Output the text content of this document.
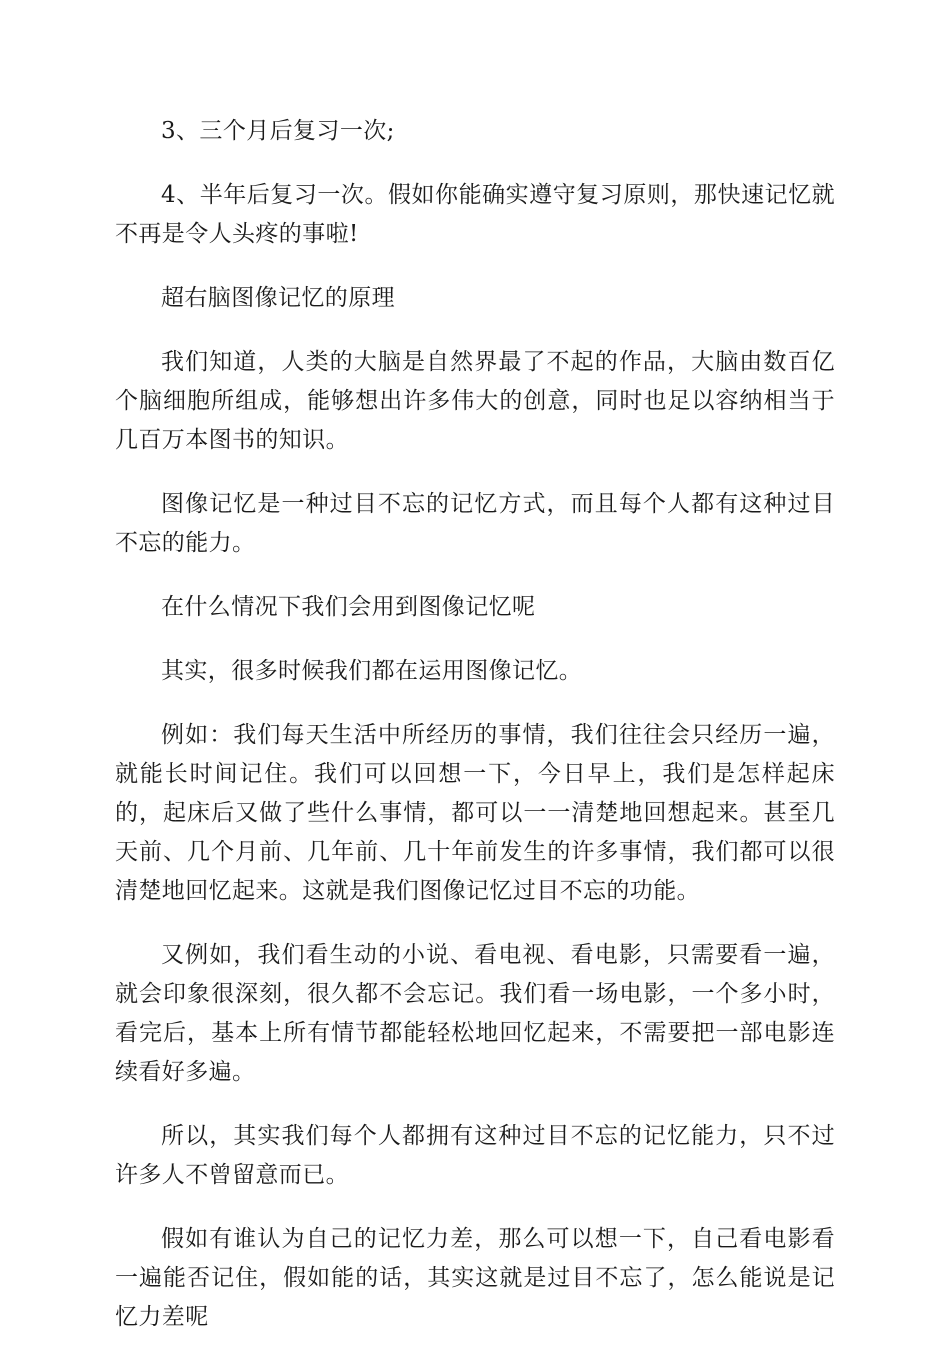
3、三个月后复习一次;

4、半年后复习一次。假如你能确实遵守复习原则，那快速记忆就不再是令人头疼的事啦!

超右脑图像记忆的原理

我们知道，人类的大脑是自然界最了不起的作品，大脑由数百亿个脑细胞所组成，能够想出许多伟大的创意，同时也足以容纳相当于几百万本图书的知识。

图像记忆是一种过目不忘的记忆方式，而且每个人都有这种过目不忘的能力。

在什么情况下我们会用到图像记忆呢

其实，很多时候我们都在运用图像记忆。

例如：我们每天生活中所经历的事情，我们往往会只经历一遍，就能长时间记住。我们可以回想一下，今日早上，我们是怎样起床的，起床后又做了些什么事情，都可以一一清楚地回想起来。甚至几天前、几个月前、几年前、几十年前发生的许多事情，我们都可以很清楚地回忆起来。这就是我们图像记忆过目不忘的功能。

又例如，我们看生动的小说、看电视、看电影，只需要看一遍，就会印象很深刻，很久都不会忘记。我们看一场电影，一个多小时，看完后，基本上所有情节都能轻松地回忆起来，不需要把一部电影连续看好多遍。

所以，其实我们每个人都拥有这种过目不忘的记忆能力，只不过许多人不曾留意而已。

假如有谁认为自己的记忆力差，那么可以想一下，自己看电影看一遍能否记住，假如能的话，其实这就是过目不忘了，怎么能说是记忆力差呢
